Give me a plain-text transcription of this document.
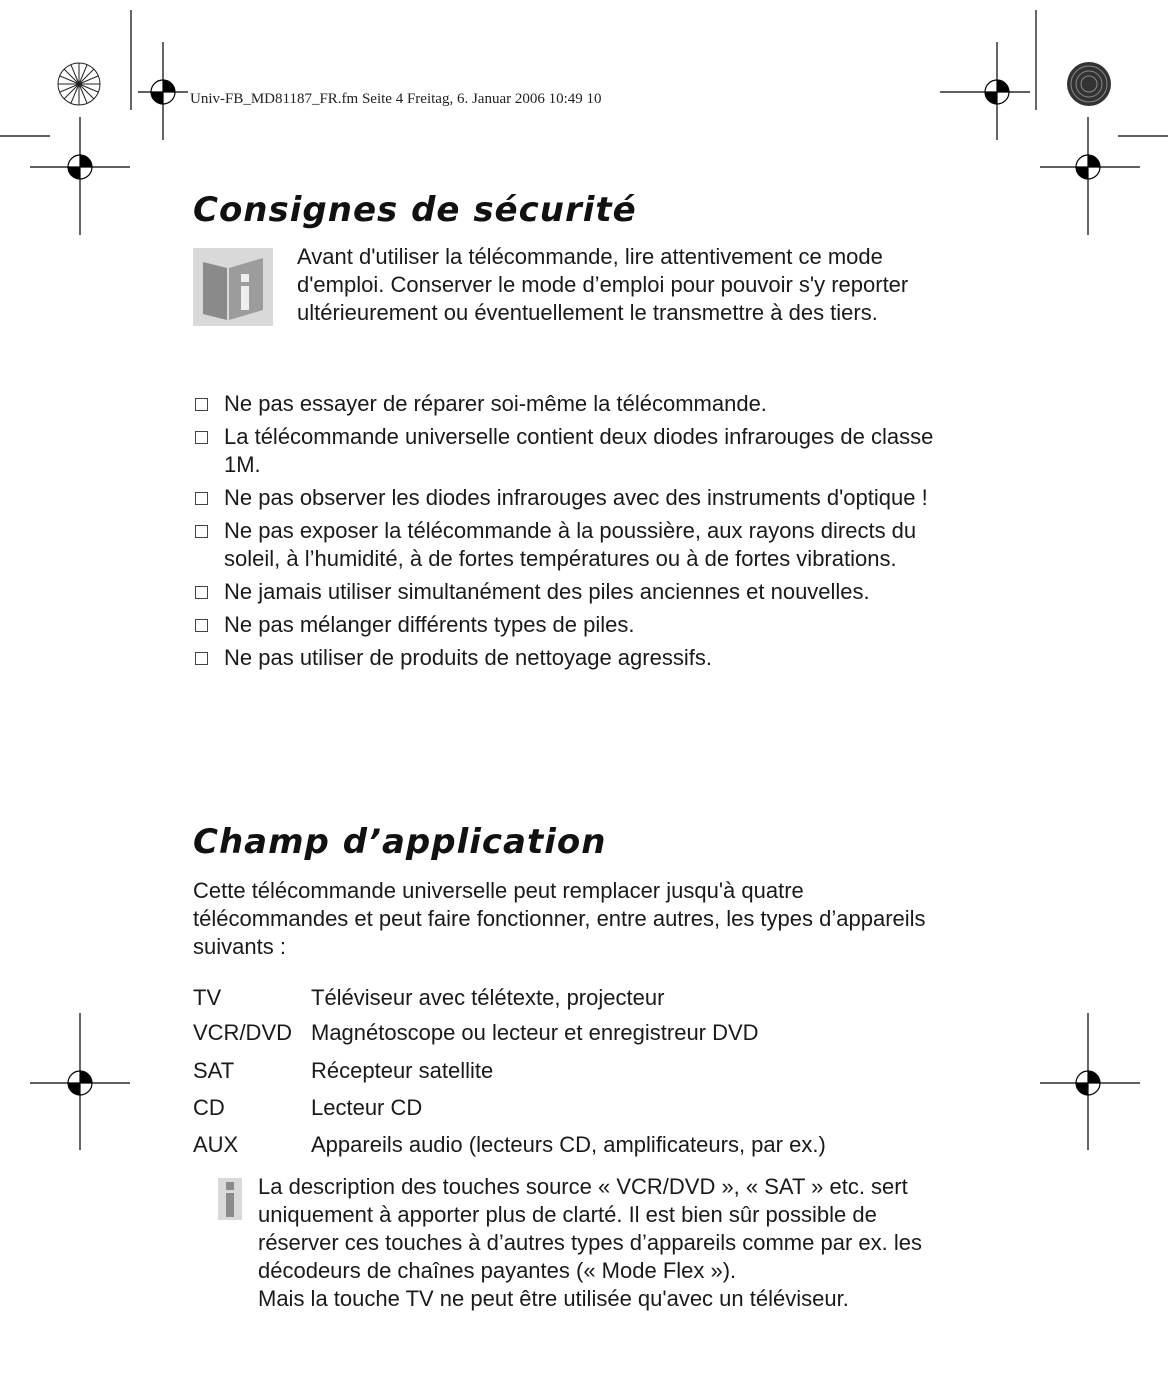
Univ-FB_MD81187_FR.fm Seite 4 Freitag, 6. Januar 2006 10:49 10
Consignes de sécurité
Avant d'utiliser la télécommande, lire attentivement ce mode d'emploi. Conserver le mode d’emploi pour pouvoir s'y reporter ultérieurement ou éventuellement le transmettre à des tiers.
Ne pas essayer de réparer soi-même la télécommande.
La télécommande universelle contient deux diodes infrarouges de classe 1M.
Ne pas observer les diodes infrarouges avec des instruments d'optique !
Ne pas exposer la télécommande à la poussière, aux rayons directs du soleil, à l’humidité, à de fortes températures ou à de fortes vibrations.
Ne jamais utiliser simultanément des piles anciennes et nouvelles.
Ne pas mélanger différents types de piles.
Ne pas utiliser de produits de nettoyage agressifs.
Champ d’application
Cette télécommande universelle peut remplacer jusqu'à quatre télécommandes et peut faire fonctionner, entre autres, les types d’appareils suivants :
TV	Téléviseur avec télétexte, projecteur
VCR/DVD Magnétoscope ou lecteur et enregistreur DVD
SAT	Récepteur satellite
CD	Lecteur CD
AUX	Appareils audio (lecteurs CD, amplificateurs, par ex.)
La description des touches source « VCR/DVD », « SAT » etc. sert uniquement à apporter plus de clarté. Il est bien sûr possible de réserver ces touches à d’autres types d’appareils comme par ex. les décodeurs de chaînes payantes (« Mode Flex »).
Mais la touche TV ne peut être utilisée qu'avec un téléviseur.
